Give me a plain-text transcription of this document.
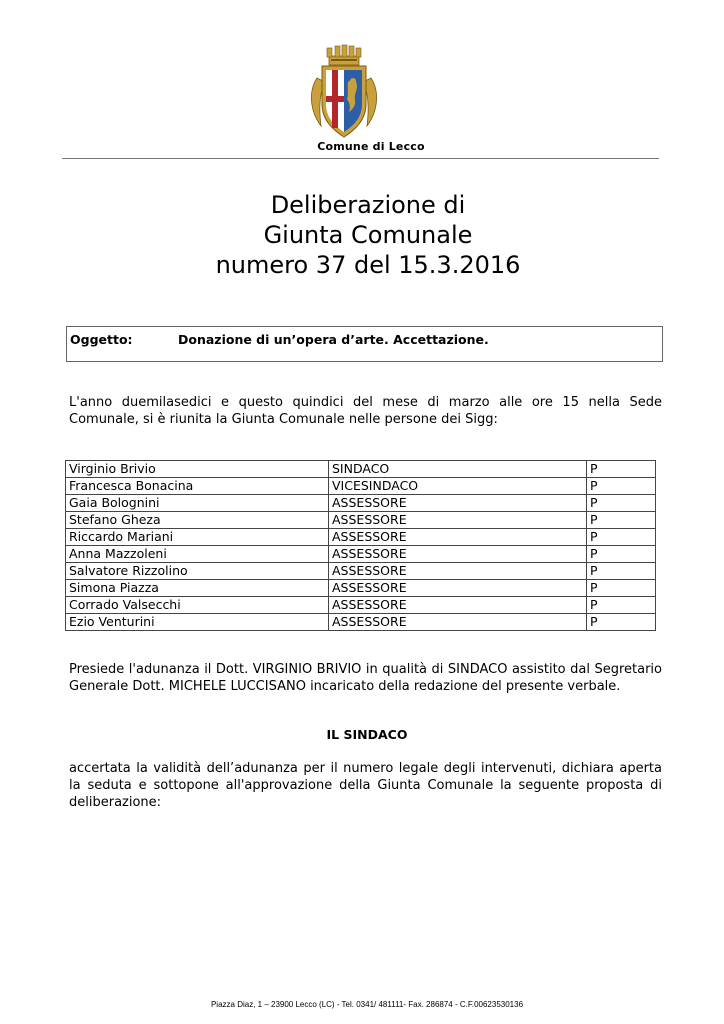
Comune di Lecco
Deliberazione di
Giunta Comunale
numero 37 del 15.3.2016
Oggetto:	Donazione di un’opera d’arte. Accettazione.

L'anno duemilasedici e questo quindici del mese di marzo alle ore 15 nella Sede Comunale, si è riunita la Giunta Comunale nelle persone dei Sigg:

Virginio Brivio	SINDACO	P
Francesca Bonacina	VICESINDACO	P
Gaia Bolognini	ASSESSORE	P
Stefano Gheza	ASSESSORE	P
Riccardo Mariani	ASSESSORE	P
Anna Mazzoleni	ASSESSORE	P
Salvatore Rizzolino	ASSESSORE	P
Simona Piazza	ASSESSORE	P
Corrado Valsecchi	ASSESSORE	P
Ezio Venturini	ASSESSORE	P

Presiede l'adunanza il Dott. VIRGINIO BRIVIO in qualità di SINDACO assistito dal Segretario Generale Dott. MICHELE LUCCISANO incaricato della redazione del presente verbale.

IL SINDACO

accertata la validità dell’adunanza per il numero legale degli intervenuti, dichiara aperta la seduta e sottopone all'approvazione della Giunta Comunale la seguente proposta di deliberazione:

Piazza Diaz, 1 – 23900 Lecco (LC) - Tel. 0341/ 481111- Fax. 286874 - C.F.00623530136
